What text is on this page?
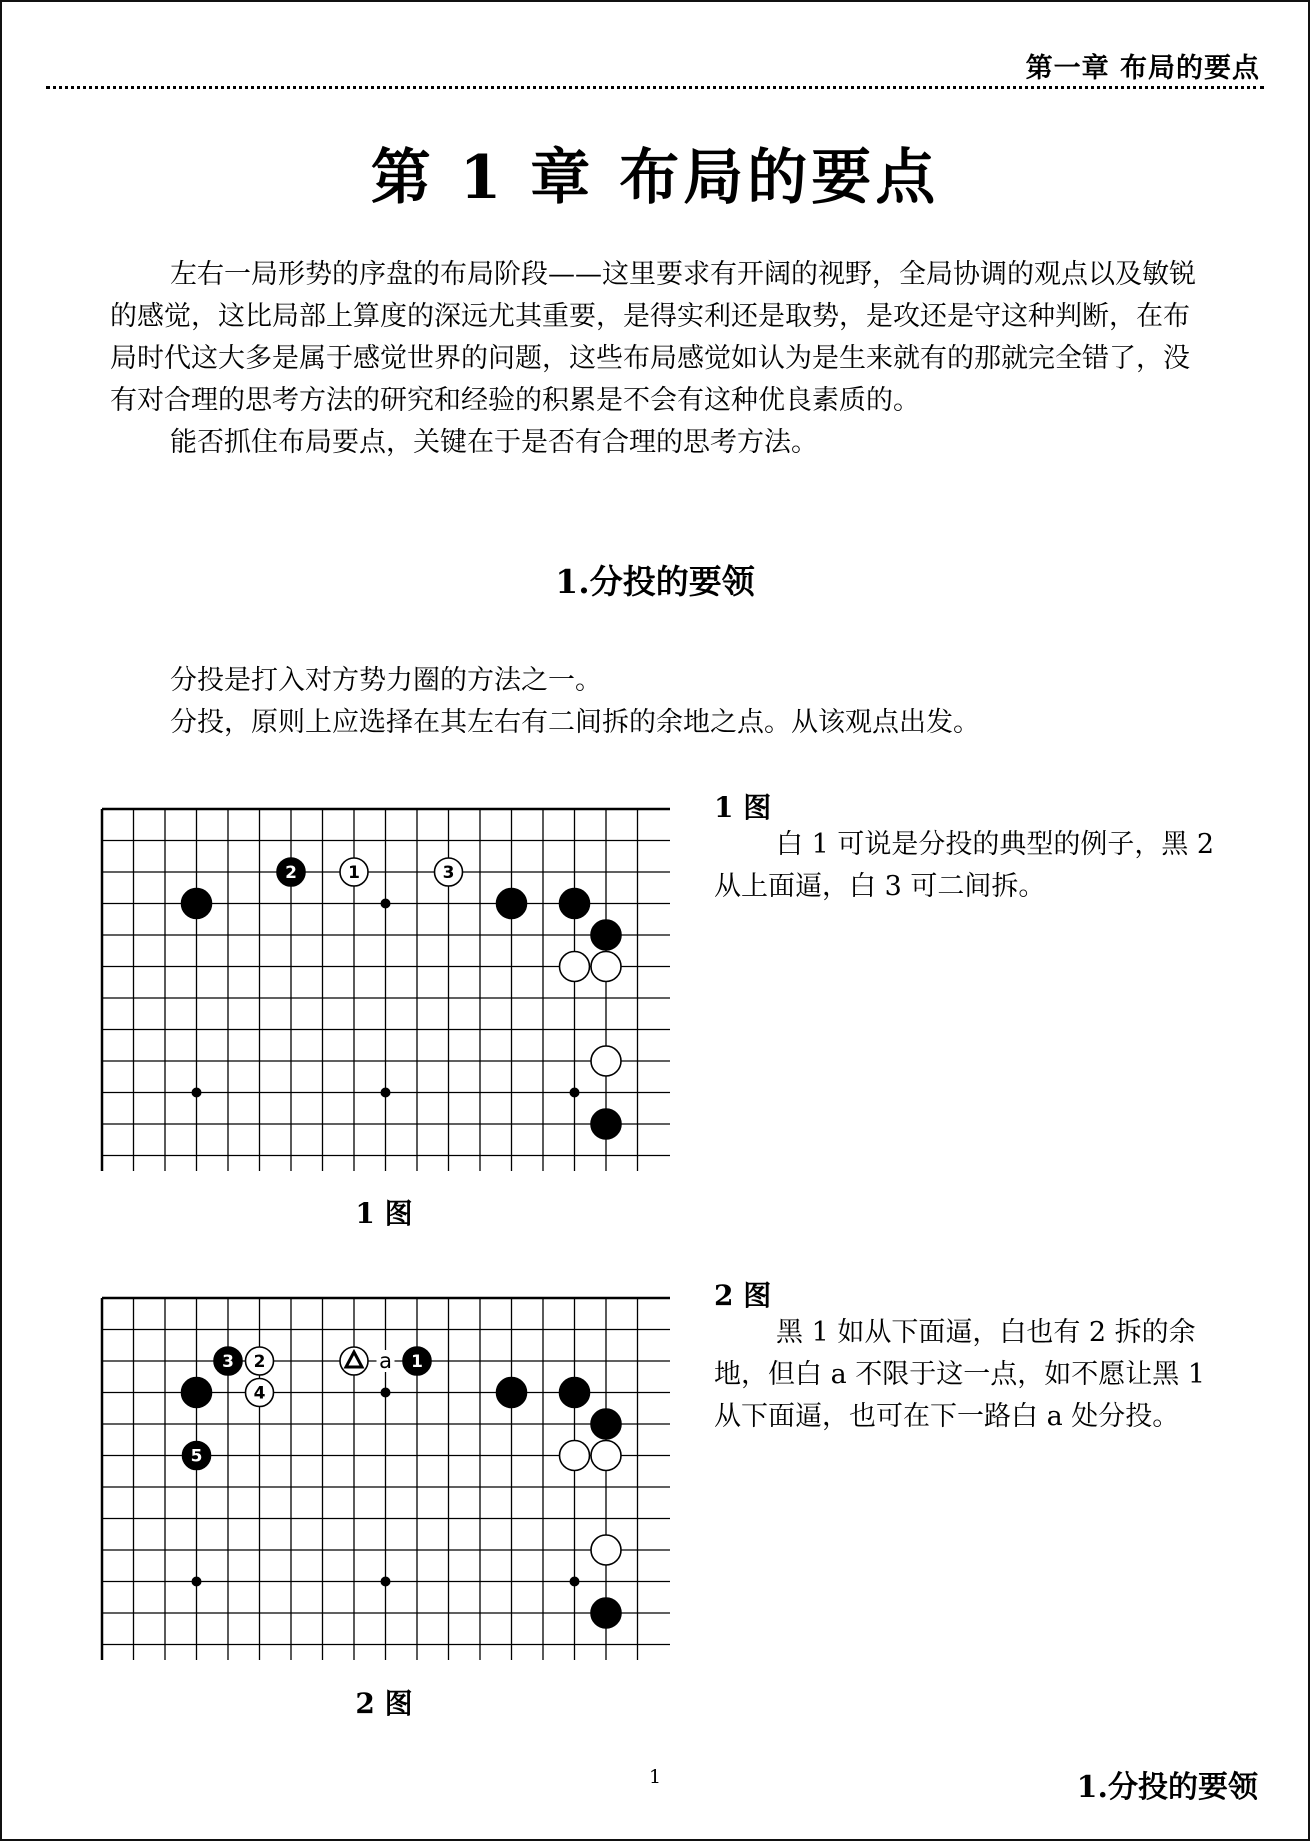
第一章 布局的要点
第 1 章 布局的要点

左右一局形势的序盘的布局阶段——这里要求有开阔的视野，全局协调的观点以及敏锐的感觉，这比局部上算度的深远尤其重要，是得实利还是取势，是攻还是守这种判断，在布局时代这大多是属于感觉世界的问题，这些布局感觉如认为是生来就有的那就完全错了，没有对合理的思考方法的研究和经验的积累是不会有这种优良素质的。

能否抓住布局要点，关键在于是否有合理的思考方法。

1.分投的要领

分投是打入对方势力圈的方法之一。

分投，原则上应选择在其左右有二间拆的余地之点。从该观点出发。

2	1	3
1 图
1 图
白 1 可说是分投的典型的例子，黑 2 从上面逼，白 3 可二间拆。
a
3 2
4
5
1
2 图
2 图
黑 1 如从下面逼，白也有 2 拆的余地，但白 a 不限于这一点，如不愿让黑 1 从下面逼，也可在下一路白 a 处分投。
1	1.分投的要领
